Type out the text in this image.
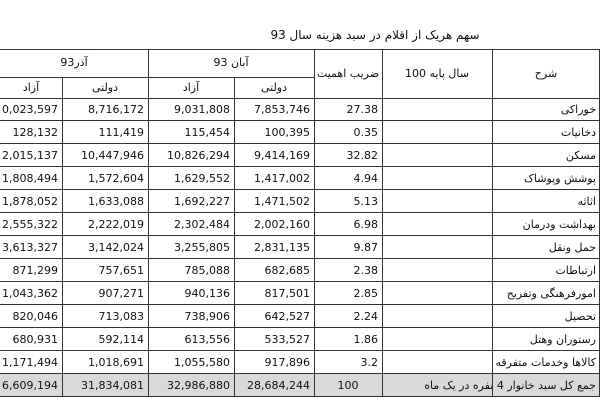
سهم هریک از اقلام در سبد هزینه سال 93
آذر93	آبان 93
آزاد	دولتی	آزاد	دولتی
ضریب اهمیت	سال پایه 100	شرح
0,023,597	8,716,172	9,031,808	7,853,746	27.38	خوراکی
128,132	111,419	115,454	100,395	0.35	دخانیات
2,015,137	10,447,946	10,826,294	9,414,169	32.82	مسکن
1,808,494	1,572,604	1,629,552	1,417,002	4.94	پوشش وپوشاک
1,878,052	1,633,088	1,692,227	1,471,502	5.13	اثاثه
2,555,322	2,222,019	2,302,484	2,002,160	6.98	بهداشت ودرمان
3,613,327	3,142,024	3,255,805	2,831,135	9.87	حمل ونقل
871,299	757,651	785,088	682,685	2.38	ارتباطات
1,043,362	907,271	940,136	817,501	2.85	امورفرهنگی وتفریح
820,046	713,083	738,906	642,527	2.24	تحصیل
680,931	592,114	613,556	533,527	1.86	رستوران وهتل
1,171,494	1,018,691	1,055,580	917,896	3.2	کالاها وخدمات متفرقه
6,609,194	31,834,081	32,986,880	28,684,244	100	جمع کل سبد خانوار 4 نفره در یک ماه
